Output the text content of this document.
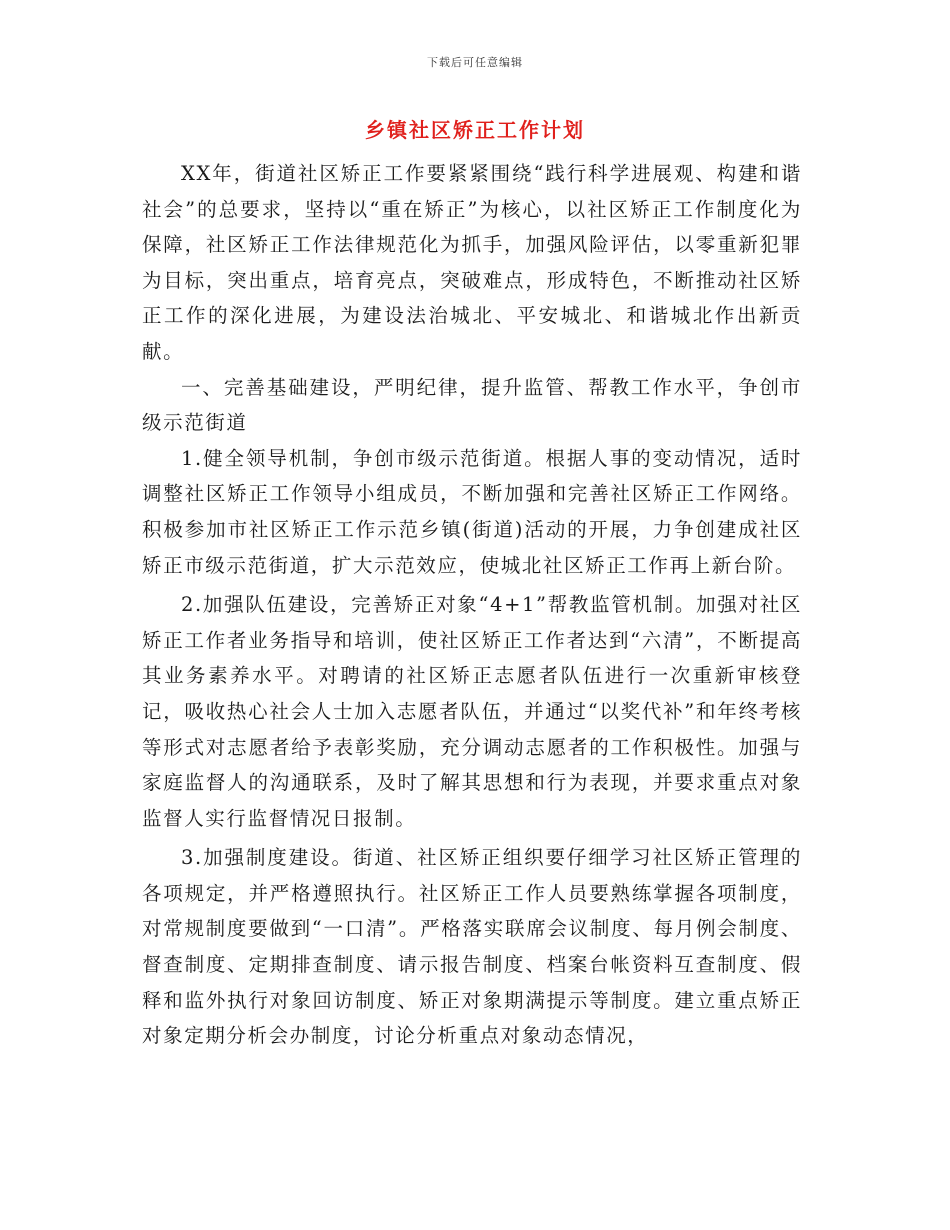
下载后可任意编辑
乡镇社区矫正工作计划

XX年，街道社区矫正工作要紧紧围绕“践行科学进展观、构建和谐社会”的总要求，坚持以“重在矫正”为核心，以社区矫正工作制度化为保障，社区矫正工作法律规范化为抓手，加强风险评估，以零重新犯罪为目标，突出重点，培育亮点，突破难点，形成特色，不断推动社区矫正工作的深化进展，为建设法治城北、平安城北、和谐城北作出新贡献。

一、完善基础建设，严明纪律，提升监管、帮教工作水平，争创市级示范街道

1.健全领导机制，争创市级示范街道。根据人事的变动情况，适时调整社区矫正工作领导小组成员，不断加强和完善社区矫正工作网络。积极参加市社区矫正工作示范乡镇(街道)活动的开展，力争创建成社区矫正市级示范街道，扩大示范效应，使城北社区矫正工作再上新台阶。

2.加强队伍建设，完善矫正对象“4+1”帮教监管机制。加强对社区矫正工作者业务指导和培训，使社区矫正工作者达到“六清”，不断提高其业务素养水平。对聘请的社区矫正志愿者队伍进行一次重新审核登记，吸收热心社会人士加入志愿者队伍，并通过“以奖代补”和年终考核等形式对志愿者给予表彰奖励，充分调动志愿者的工作积极性。加强与家庭监督人的沟通联系，及时了解其思想和行为表现，并要求重点对象监督人实行监督情况日报制。

3.加强制度建设。街道、社区矫正组织要仔细学习社区矫正管理的各项规定，并严格遵照执行。社区矫正工作人员要熟练掌握各项制度，对常规制度要做到“一口清”。严格落实联席会议制度、每月例会制度、督查制度、定期排查制度、请示报告制度、档案台帐资料互查制度、假释和监外执行对象回访制度、矫正对象期满提示等制度。建立重点矫正对象定期分析会办制度，讨论分析重点对象动态情况，
